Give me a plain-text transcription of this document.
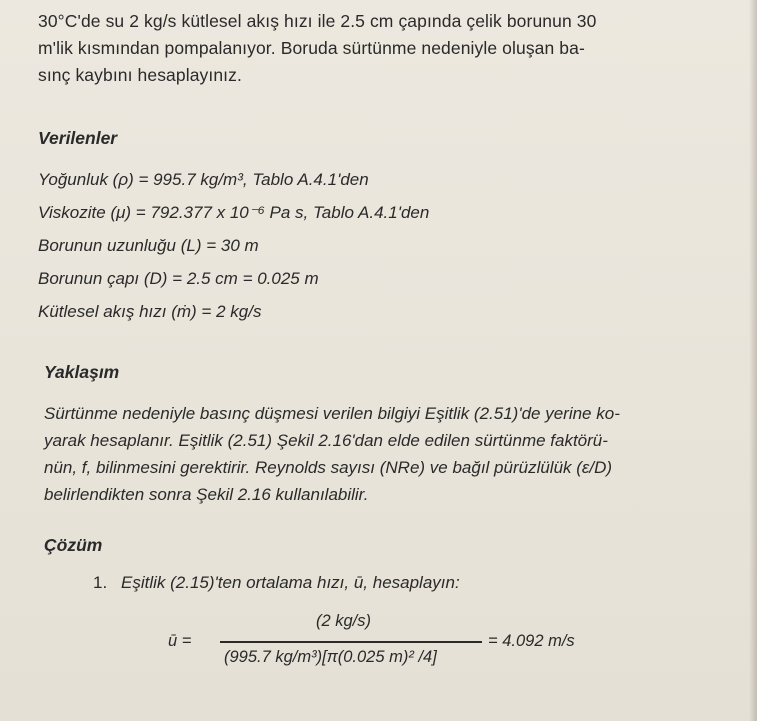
30°C'de su 2 kg/s kütlesel akış hızı ile 2.5 cm çapında çelik borunun 30

m'lik kısmından pompalanıyor. Boruda sürtünme nedeniyle oluşan ba-

sınç kaybını hesaplayınız.

Verilenler
Yoğunluk (ρ) = 995.7 kg/m³, Tablo A.4.1'den
Viskozite (μ) = 792.377 x 10⁻⁶ Pa s, Tablo A.4.1'den
Borunun uzunluğu (L) = 30 m
Borunun çapı (D) = 2.5 cm = 0.025 m
Kütlesel akış hızı (ṁ) = 2 kg/s
Yaklaşım

Sürtünme nedeniyle basınç düşmesi verilen bilgiyi Eşitlik (2.51)'de yerine ko-

yarak hesaplanır. Eşitlik (2.51) Şekil 2.16'dan elde edilen sürtünme faktörü-

nün, f, bilinmesini gerektirir. Reynolds sayısı (NRe) ve bağıl pürüzlülük (ε/D)

belirlendikten sonra Şekil 2.16 kullanılabilir.

Çözüm
1. Eşitlik (2.15)'ten ortalama hızı, ū, hesaplayın:
ū =
(2 kg/s)
(995.7 kg/m³)[π(0.025 m)² /4]
= 4.092 m/s
